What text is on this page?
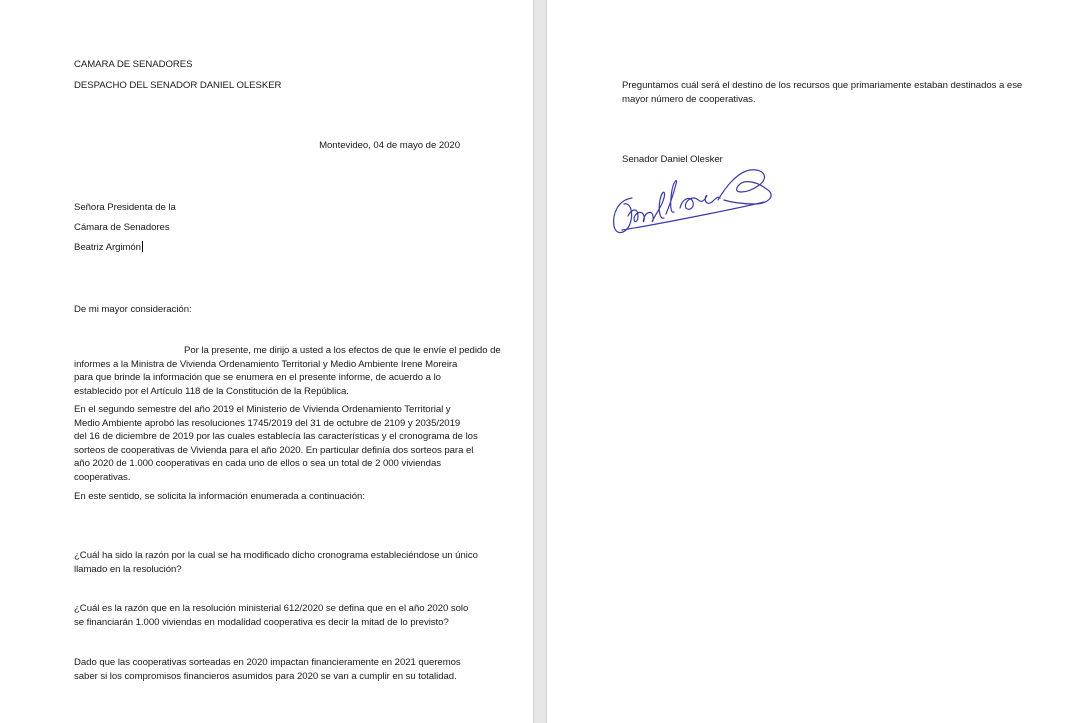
CAMARA DE SENADORES
DESPACHO DEL SENADOR DANIEL OLESKER
Montevideo, 04 de mayo de 2020
Señora Presidenta de la
Cámara de Senadores
Beatriz Argimón
De mi mayor consideración:
Por la presente, me dirijo a usted a los efectos de que le envíe el pedido de
informes a la Ministra de Vivienda Ordenamiento Territorial y Medio Ambiente Irene Moreira
para que brinde la información que se enumera en el presente informe, de acuerdo a lo
establecido por el Artículo 118 de la Constitución de la República.
En el segundo semestre del año 2019 el Ministerio de Vivienda Ordenamiento Territorial y
Medio Ambiente aprobó las resoluciones 1745/2019 del 31 de octubre de 2109 y 2035/2019
del 16 de diciembre de 2019 por las cuales establecía las características y el cronograma de los
sorteos de cooperativas de Vivienda para el año 2020. En particular definía dos sorteos para el
año 2020 de 1.000 cooperativas en cada uno de ellos o sea un total de 2 000 viviendas
cooperativas.
En este sentido, se solicita la información enumerada a continuación:
¿Cuál ha sido la razón por la cual se ha modificado dicho cronograma estableciéndose un único
llamado en la resolución?
¿Cuál es la razón que en la resolución ministerial 612/2020 se defina que en el año 2020 solo
se financiarán 1.000 viviendas en modalidad cooperativa es decir la mitad de lo previsto?
Dado que las cooperativas sorteadas en 2020 impactan financieramente en 2021 queremos
saber si los compromisos financieros asumidos para 2020 se van a cumplir en su totalidad.
Preguntamos cuál será el destino de los recursos que primariamente estaban destinados a ese
mayor número de cooperativas.
Senador Daniel Olesker
